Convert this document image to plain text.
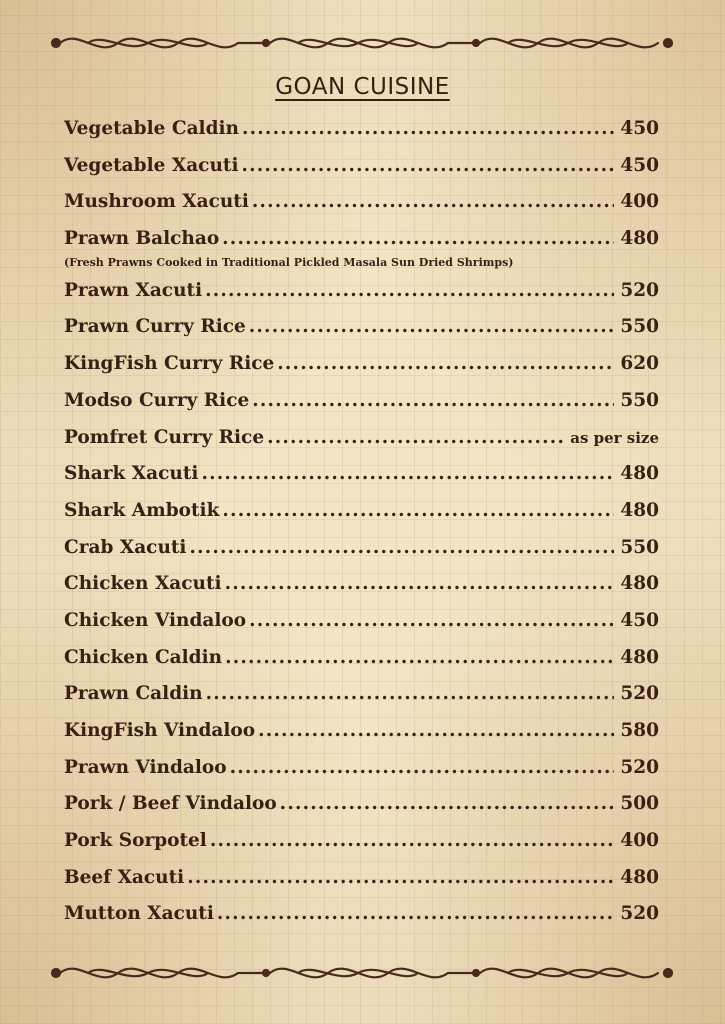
GOAN CUISINE
Vegetable Caldin .....	450
Vegetable Xacuti .....	450
Mushroom Xacuti .....	400
Prawn Balchao .....	480
(Fresh Prawns Cooked in Traditional Pickled Masala Sun Dried Shrimps)
Prawn Xacuti .....	520
Prawn Curry Rice .....	550
KingFish Curry Rice .....	620
Modso Curry Rice .....	550
Pomfret Curry Rice .....	as per size
Shark Xacuti .....	480
Shark Ambotik .....	480
Crab Xacuti .....	550
Chicken Xacuti .....	480
Chicken Vindaloo .....	450
Chicken Caldin .....	480
Prawn Caldin .....	520
KingFish Vindaloo .....	580
Prawn Vindaloo .....	520
Pork / Beef Vindaloo .....	500
Pork Sorpotel .....	400
Beef Xacuti .....	480
Mutton Xacuti .....	520
